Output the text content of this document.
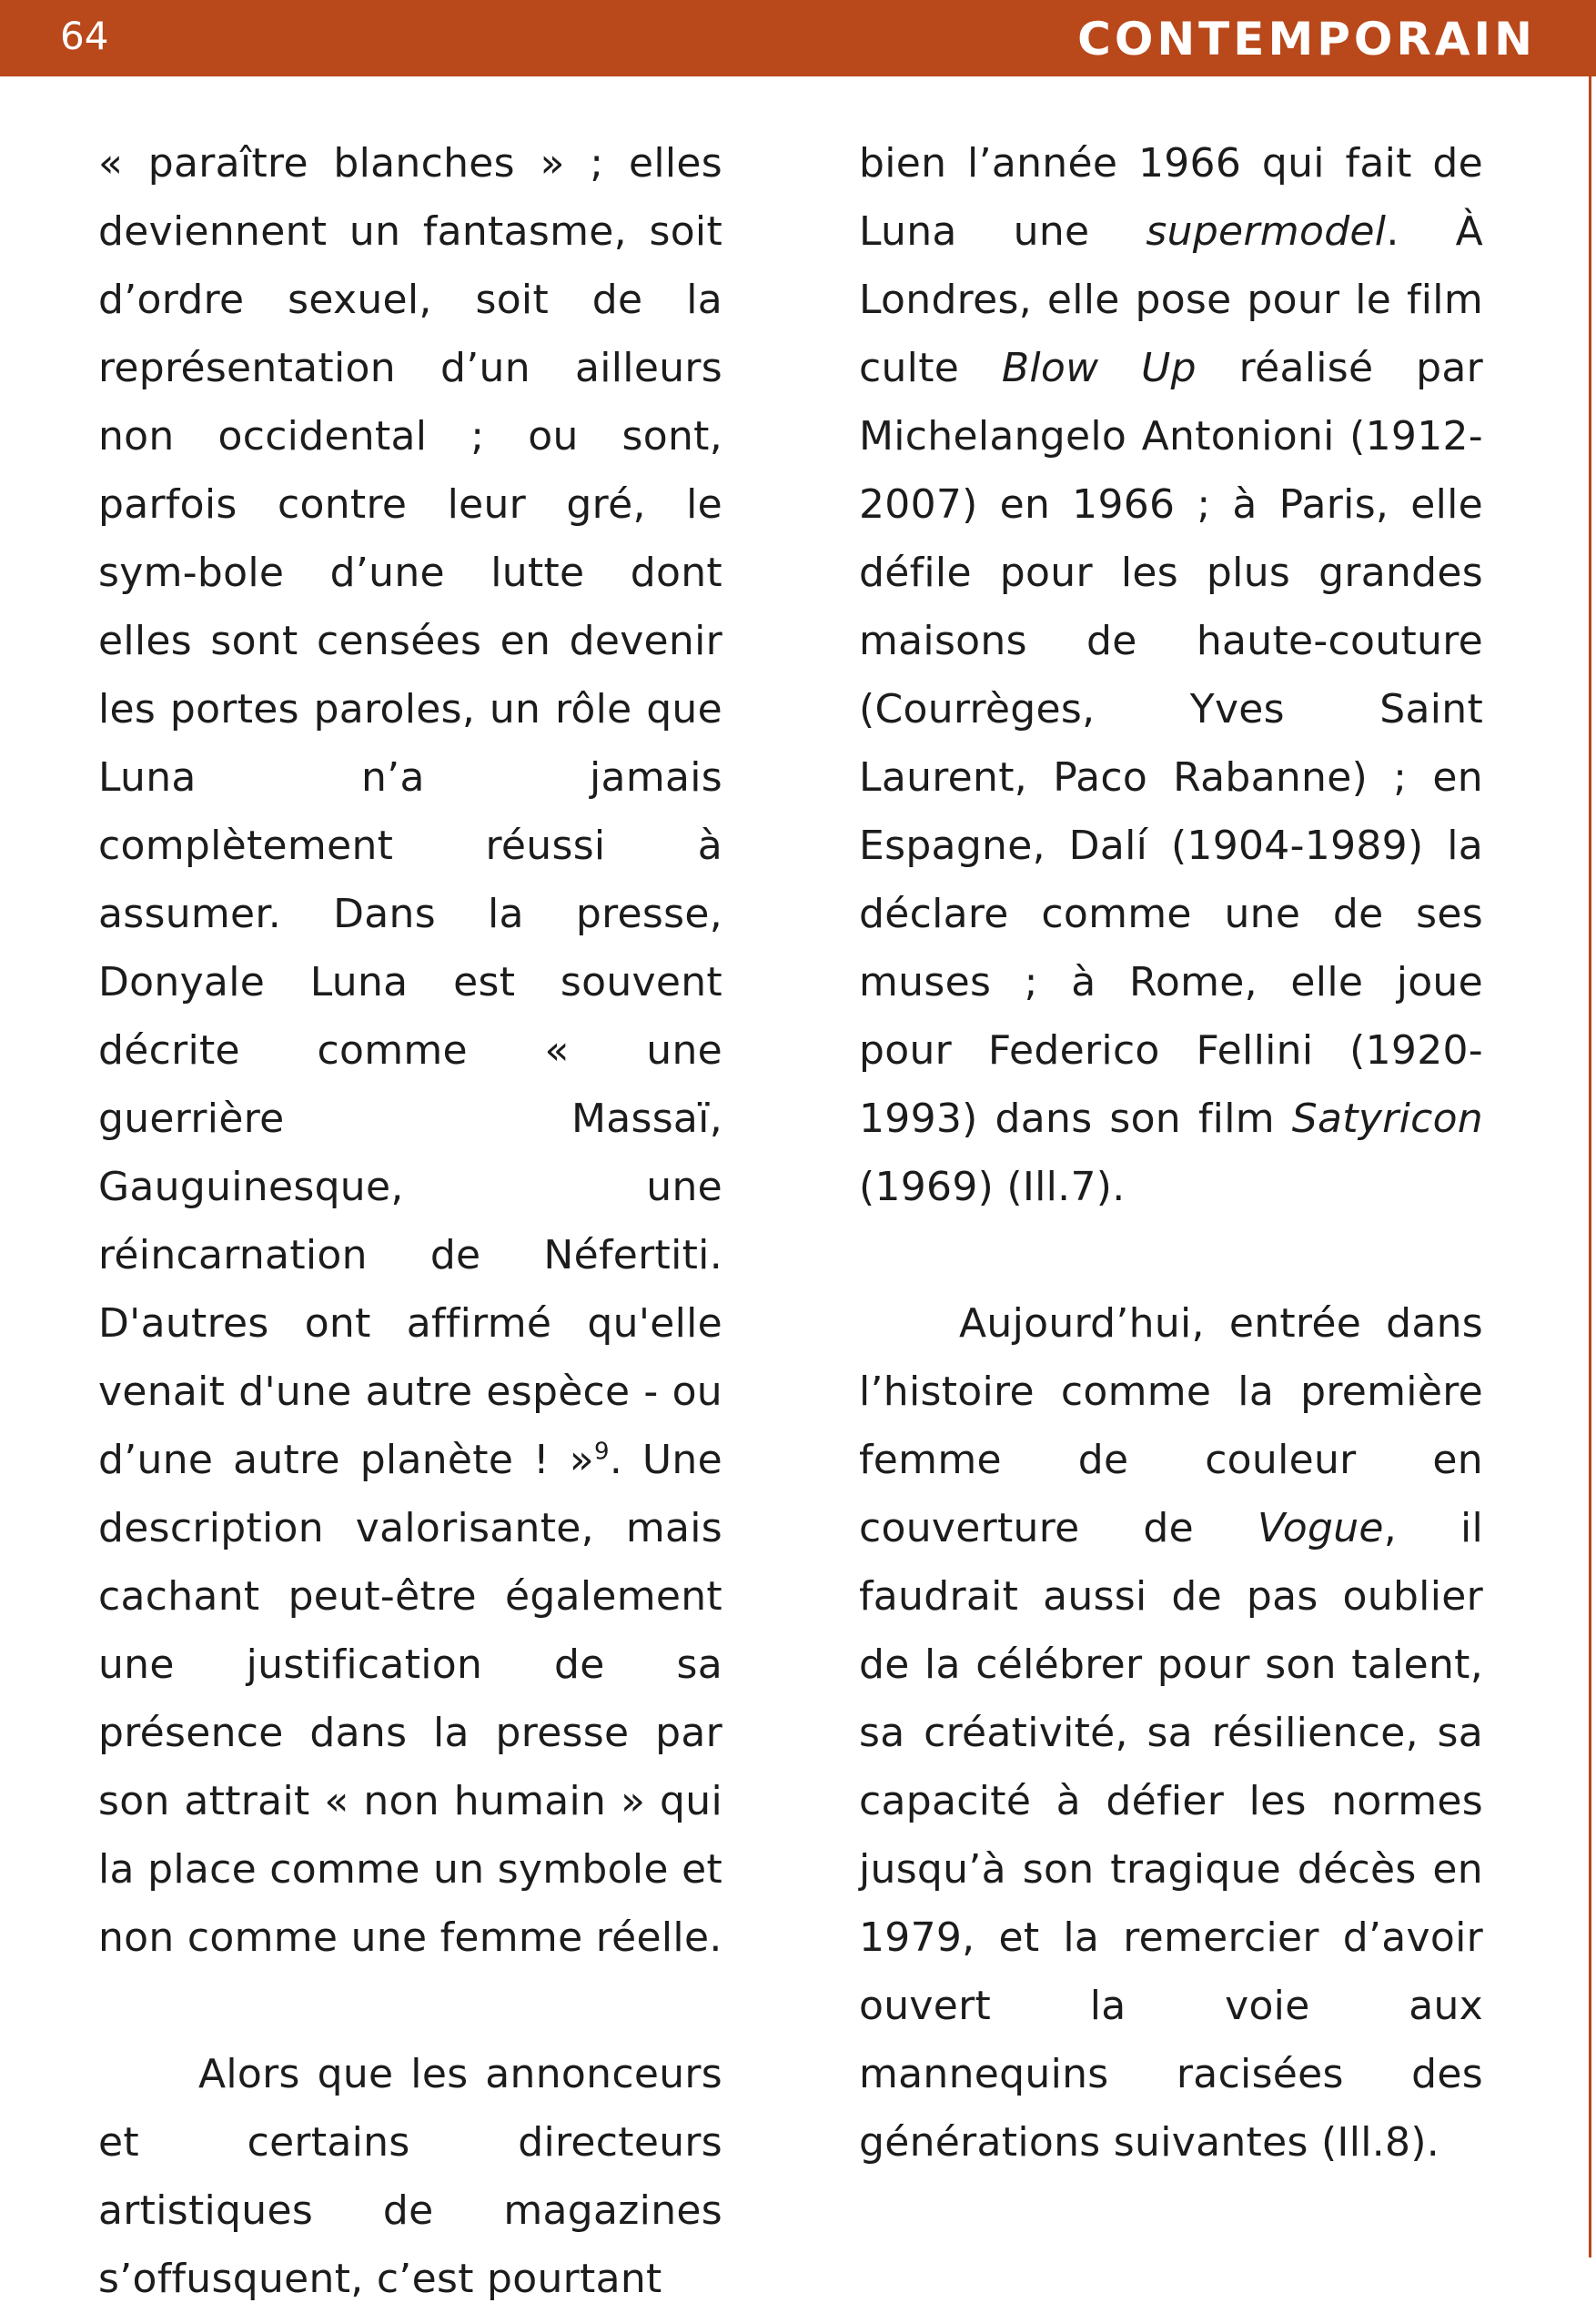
64	CONTEMPORAIN

« paraître blanches » ; elles deviennent un fantasme, soit d’ordre sexuel, soit de la représentation d’un ailleurs non occidental ; ou sont, parfois contre leur gré, le sym-bole d’une lutte dont elles sont censées en devenir les portes paroles, un rôle que Luna n’a jamais complètement réussi à assumer. Dans la presse, Donyale Luna est souvent décrite comme « une guerrière Massaï, Gauguinesque, une réincarnation de Néfertiti. D'autres ont affirmé qu'elle venait d'une autre espèce - ou d’une autre planète ! »$^9$. Une description valorisante, mais cachant peut-être également une justification de sa présence dans la presse par son attrait « non humain » qui la place comme un symbole et non comme une femme réelle.

Alors que les annonceurs et certains directeurs artistiques de magazines s’offusquent, c’est pourtant

bien l’année 1966 qui fait de Luna une supermodel. À Londres, elle pose pour le film culte Blow Up réalisé par Michelangelo Antonioni (1912-2007) en 1966 ; à Paris, elle défile pour les plus grandes maisons de haute-couture (Courrèges, Yves Saint Laurent, Paco Rabanne) ; en Espagne, Dalí (1904-1989) la déclare comme une de ses muses ; à Rome, elle joue pour Federico Fellini (1920-1993) dans son film Satyricon (1969) (Ill.7).

Aujourd’hui, entrée dans l’histoire comme la première femme de couleur en couverture de Vogue, il faudrait aussi de pas oublier de la célébrer pour son talent, sa créativité, sa résilience, sa capacité à défier les normes jusqu’à son tragique décès en 1979, et la remercier d’avoir ouvert la voie aux mannequins racisées des générations suivantes (Ill.8).
